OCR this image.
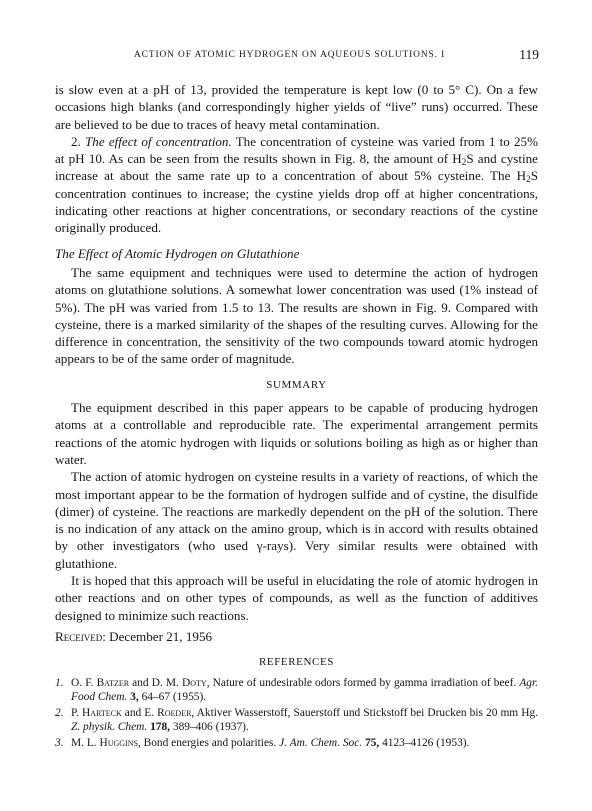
ACTION OF ATOMIC HYDROGEN ON AQUEOUS SOLUTIONS. I	119

is slow even at a pH of 13, provided the temperature is kept low (0 to 5° C). On a few occasions high blanks (and correspondingly higher yields of “live” runs) occurred. These are believed to be due to traces of heavy metal contamination.

2. The effect of concentration. The concentration of cysteine was varied from 1 to 25% at pH 10. As can be seen from the results shown in Fig. 8, the amount of $H_2S$ and cystine increase at about the same rate up to a concentration of about 5% cysteine. The $H_2S$ concentration continues to increase; the cystine yields drop off at higher concentrations, indicating other reactions at higher concentrations, or secondary reactions of the cystine originally produced.

The Effect of Atomic Hydrogen on Glutathione

The same equipment and techniques were used to determine the action of hydrogen atoms on glutathione solutions. A somewhat lower concentration was used (1% instead of 5%). The pH was varied from 1.5 to 13. The results are shown in Fig. 9. Compared with cysteine, there is a marked similarity of the shapes of the resulting curves. Allowing for the difference in concentration, the sensitivity of the two compounds toward atomic hydrogen appears to be of the same order of magnitude.

SUMMARY

The equipment described in this paper appears to be capable of producing hydrogen atoms at a controllable and reproducible rate. The experimental arrangement permits reactions of the atomic hydrogen with liquids or solutions boiling as high as or higher than water.

The action of atomic hydrogen on cysteine results in a variety of reactions, of which the most important appear to be the formation of hydrogen sulfide and of cystine, the disulfide (dimer) of cysteine. The reactions are markedly dependent on the pH of the solution. There is no indication of any attack on the amino group, which is in accord with results obtained by other investigators (who used γ-rays). Very similar results were obtained with glutathione.

It is hoped that this approach will be useful in elucidating the role of atomic hydrogen in other reactions and on other types of compounds, as well as the function of additives designed to minimize such reactions.

Received: December 21, 1956

REFERENCES
1. O. F. Batzer and D. M. Doty, Nature of undesirable odors formed by gamma irradiation of beef. Agr. Food Chem. 3, 64–67 (1955).
2. P. Harteck and E. Roeder, Aktiver Wasserstoff, Sauerstoff und Stickstoff bei Drucken bis 20 mm Hg. Z. physik. Chem. 178, 389–406 (1937).
3. M. L. Huggins, Bond energies and polarities. J. Am. Chem. Soc. 75, 4123–4126 (1953).
